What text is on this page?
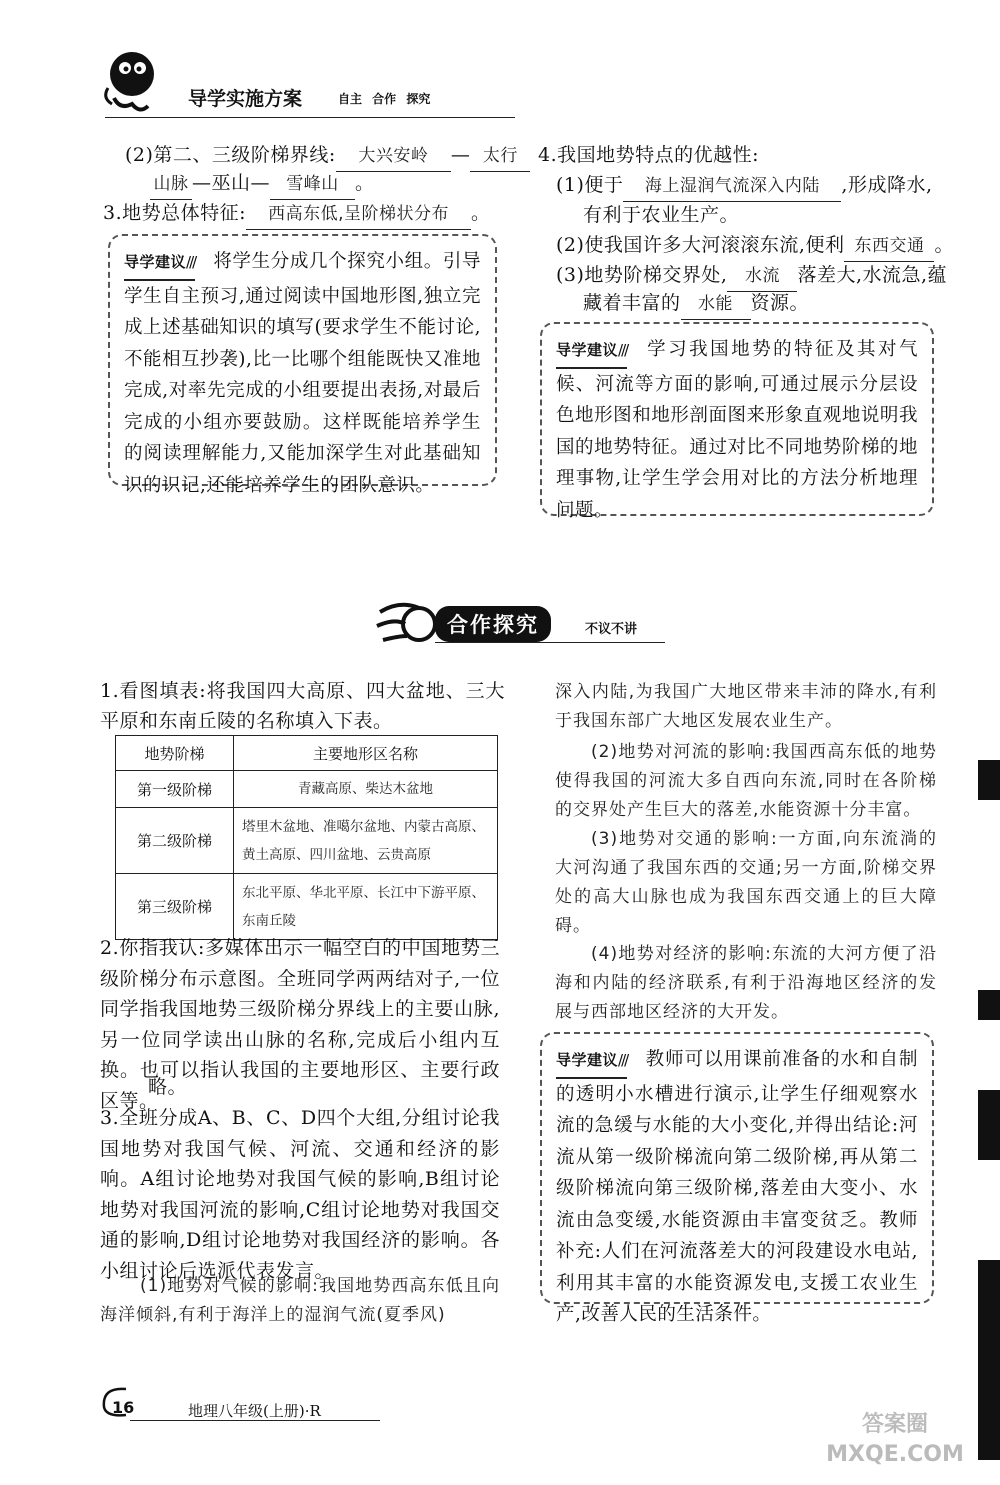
导学实施方案	自主 合作 探究
(2)第二、三级阶梯界线: 大兴安岭 — 太行
山脉 —巫山— 雪峰山 。
3.地势总体特征: 西高东低,呈阶梯状分布 。
导学建议/// 将学生分成几个探究小组。引导学生自主预习,通过阅读中国地形图,独立完成上述基础知识的填写(要求学生不能讨论,不能相互抄袭),比一比哪个组能既快又准地完成,对率先完成的小组要提出表扬,对最后完成的小组亦要鼓励。这样既能培养学生的阅读理解能力,又能加深学生对此基础知识的识记,还能培养学生的团队意识。
4.我国地势特点的优越性:
(1)便于 海上湿润气流深入内陆 ,形成降水,
有利于农业生产。
(2)使我国许多大河滚滚东流,便利 东西交通 。
(3)地势阶梯交界处, 水流 落差大,水流急,蕴
藏着丰富的 水能 资源。
导学建议/// 学习我国地势的特征及其对气候、河流等方面的影响,可通过展示分层设色地形图和地形剖面图来形象直观地说明我国的地势特征。通过对比不同地势阶梯的地理事物,让学生学会用对比的方法分析地理问题。
合作探究	不议不讲
1.看图填表:将我国四大高原、四大盆地、三大平原和东南丘陵的名称填入下表。
地势阶梯	主要地形区名称
第一级阶梯	青藏高原、柴达木盆地
第二级阶梯	塔里木盆地、准噶尔盆地、内蒙古高原、黄土高原、四川盆地、云贵高原
第三级阶梯	东北平原、华北平原、长江中下游平原、东南丘陵
2.你指我认:多媒体出示一幅空白的中国地势三级阶梯分布示意图。全班同学两两结对子,一位同学指我国地势三级阶梯分界线上的主要山脉,另一位同学读出山脉的名称,完成后小组内互换。也可以指认我国的主要地形区、主要行政区等。
略。
3.全班分成A、B、C、D四个大组,分组讨论我国地势对我国气候、河流、交通和经济的影响。A组讨论地势对我国气候的影响,B组讨论地势对我国河流的影响,C组讨论地势对我国交通的影响,D组讨论地势对我国经济的影响。各小组讨论后选派代表发言。
(1)地势对气候的影响:我国地势西高东低且向海洋倾斜,有利于海洋上的湿润气流(夏季风)
深入内陆,为我国广大地区带来丰沛的降水,有利于我国东部广大地区发展农业生产。
(2)地势对河流的影响:我国西高东低的地势使得我国的河流大多自西向东流,同时在各阶梯的交界处产生巨大的落差,水能资源十分丰富。
(3)地势对交通的影响:一方面,向东流淌的大河沟通了我国东西的交通;另一方面,阶梯交界处的高大山脉也成为我国东西交通上的巨大障碍。
(4)地势对经济的影响:东流的大河方便了沿海和内陆的经济联系,有利于沿海地区经济的发展与西部地区经济的大开发。
导学建议/// 教师可以用课前准备的水和自制的透明小水槽进行演示,让学生仔细观察水流的急缓与水能的大小变化,并得出结论:河流从第一级阶梯流向第二级阶梯,再从第二级阶梯流向第三级阶梯,落差由大变小、水流由急变缓,水能资源由丰富变贫乏。教师补充:人们在河流落差大的河段建设水电站,利用其丰富的水能资源发电,支援工农业生产,改善人民的生活条件。
16	地理八年级(上册)·R
答案圈 MXQE.COM
